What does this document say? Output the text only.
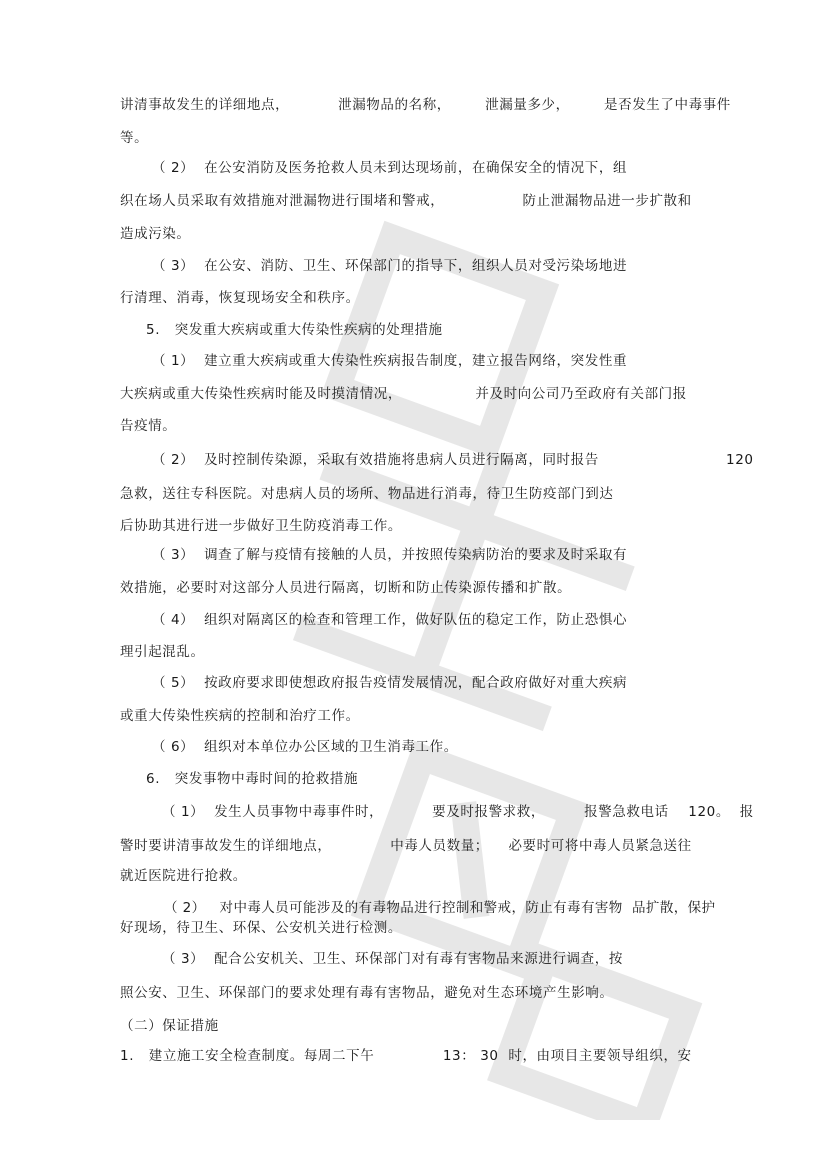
讲清事故发生的详细地点，          泄漏物品的名称，       泄漏量多少，       是否发生了中毒事件
等。
（ 2）  在公安消防及医务抢救人员未到达现场前，在确保安全的情况下，组
织在场人员采取有效措施对泄漏物进行围堵和警戒，                防止泄漏物品进一步扩散和
造成污染。
（ 3）  在公安、消防、卫生、环保部门的指导下，组织人员对受污染场地进
行清理、消毒，恢复现场安全和秩序。
5.   突发重大疾病或重大传染性疾病的处理措施
（ 1）  建立重大疾病或重大传染性疾病报告制度，建立报告网络，突发性重
大疾病或重大传染性疾病时能及时摸清情况，               并及时向公司乃至政府有关部门报
告疫情。
（ 2）  及时控制传染源，采取有效措施将患病人员进行隔离，同时报告                          120
急救，送往专科医院。对患病人员的场所、物品进行消毒，待卫生防疫部门到达
后协助其进行进一步做好卫生防疫消毒工作。
（ 3）  调查了解与疫情有接触的人员，并按照传染病防治的要求及时采取有
效措施，必要时对这部分人员进行隔离，切断和防止传染源传播和扩散。
（ 4）  组织对隔离区的检查和管理工作，做好队伍的稳定工作，防止恐惧心
理引起混乱。
（ 5）  按政府要求即使想政府报告疫情发展情况，配合政府做好对重大疾病
或重大传染性疾病的控制和治疗工作。
（ 6）  组织对本单位办公区域的卫生消毒工作。
6.   突发事物中毒时间的抢救措施
（ 1）  发生人员事物中毒事件时，          要及时报警求救，        报警急救电话    120。  报
警时要讲清事故发生的详细地点，            中毒人员数量；    必要时可将中毒人员紧急送往
就近医院进行抢救。
（ 2）   对中毒人员可能涉及的有毒物品进行控制和警戒，防止有毒有害物  品扩散，保护
好现场，待卫生、环保、公安机关进行检测。
（ 3）  配合公安机关、卫生、环保部门对有毒有害物品来源进行调查，按
照公安、卫生、环保部门的要求处理有毒有害物品，避免对生态环境产生影响。
（二）保证措施
1.   建立施工安全检查制度。每周二下午              13： 30  时，由项目主要领导组织，安
